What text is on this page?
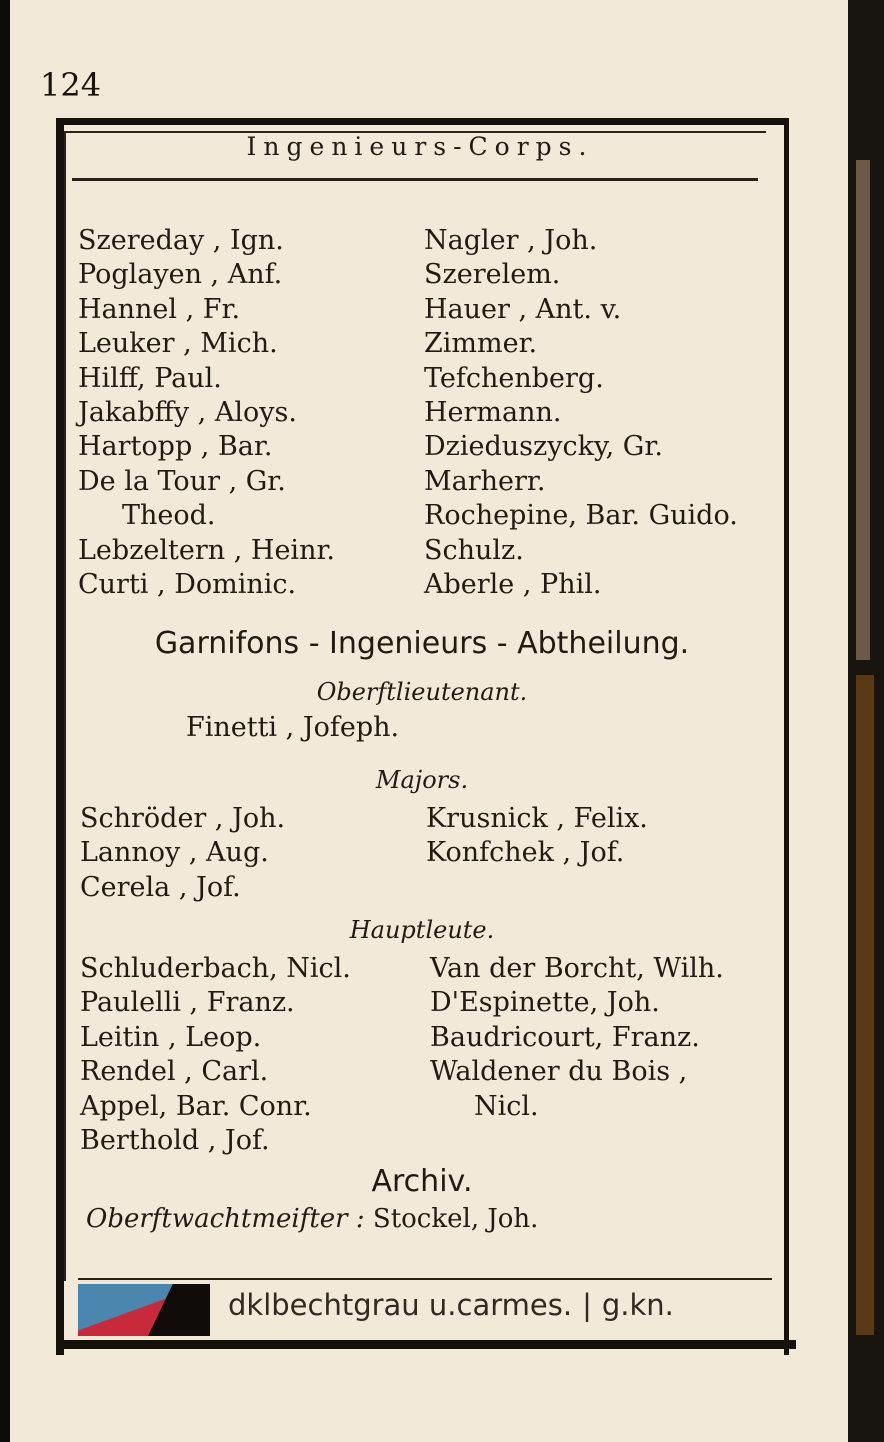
124
Ingenieurs-Corps.
Szereday , Ign.
Poglayen , Anf.
Hannel , Fr.
Leuker , Mich.
Hilff, Paul.
Jakabffy , Aloys.
Hartopp , Bar.
De la Tour , Gr.
Theod.
Lebzeltern , Heinr.
Curti , Dominic.
Nagler , Joh.
Szerelem.
Hauer , Ant. v.
Zimmer.
Tefchenberg.
Hermann.
Dzieduszycky, Gr.
Marherr.
Rochepine, Bar. Guido.
Schulz.
Aberle , Phil.
Garnifons - Ingenieurs - Abtheilung.
Oberftlieutenant.
Finetti , Jofeph.
Majors.
Schröder , Joh.
Lannoy , Aug.
Cerela , Jof.
Krusnick , Felix.
Konfchek , Jof.
Hauptleute.
Schluderbach, Nicl.
Paulelli , Franz.
Leitin , Leop.
Rendel , Carl.
Appel, Bar. Conr.
Berthold , Jof.
Van der Borcht, Wilh.
D'Espinette, Joh.
Baudricourt, Franz.
Waldener du Bois ,
Nicl.
Archiv.
Oberftwachtmeifter : Stockel, Joh.
dklbechtgrau u.carmes. | g.kn.
